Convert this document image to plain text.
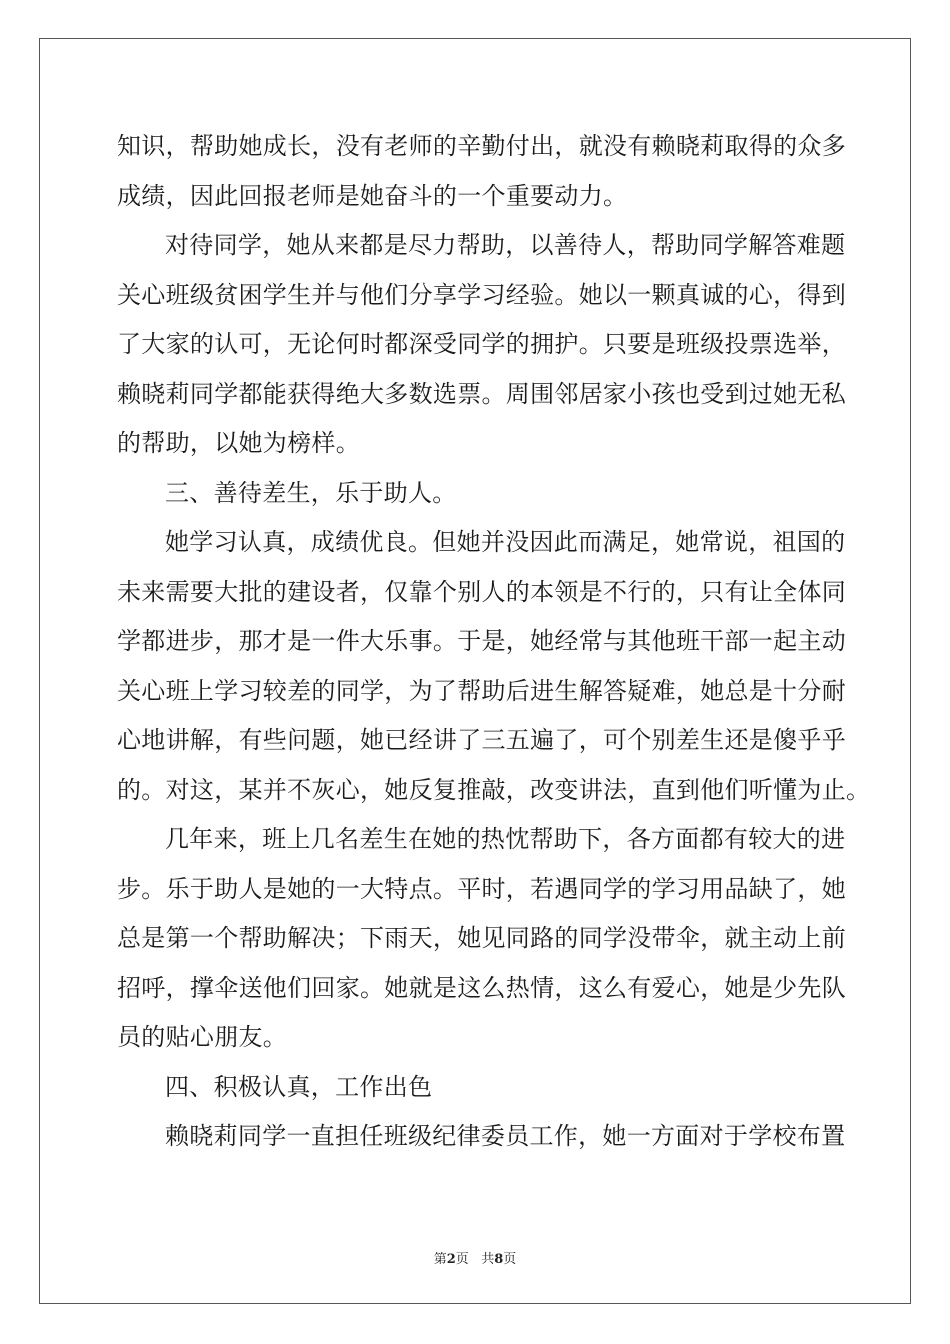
知识，帮助她成长，没有老师的辛勤付出，就没有赖晓莉取得的众多
成绩，因此回报老师是她奋斗的一个重要动力。
对待同学，她从来都是尽力帮助，以善待人，帮助同学解答难题
关心班级贫困学生并与他们分享学习经验。她以一颗真诚的心，得到
了大家的认可，无论何时都深受同学的拥护。只要是班级投票选举，
赖晓莉同学都能获得绝大多数选票。周围邻居家小孩也受到过她无私
的帮助，以她为榜样。
三、善待差生，乐于助人。
她学习认真，成绩优良。但她并没因此而满足，她常说，祖国的
未来需要大批的建设者，仅靠个别人的本领是不行的，只有让全体同
学都进步，那才是一件大乐事。于是，她经常与其他班干部一起主动
关心班上学习较差的同学，为了帮助后进生解答疑难，她总是十分耐
心地讲解，有些问题，她已经讲了三五遍了，可个别差生还是傻乎乎
的。对这，某并不灰心，她反复推敲，改变讲法，直到他们听懂为止。
几年来，班上几名差生在她的热忱帮助下，各方面都有较大的进
步。乐于助人是她的一大特点。平时，若遇同学的学习用品缺了，她
总是第一个帮助解决；下雨天，她见同路的同学没带伞，就主动上前
招呼，撑伞送他们回家。她就是这么热情，这么有爱心，她是少先队
员的贴心朋友。
四、积极认真，工作出色
赖晓莉同学一直担任班级纪律委员工作，她一方面对于学校布置
第2页 共8页
